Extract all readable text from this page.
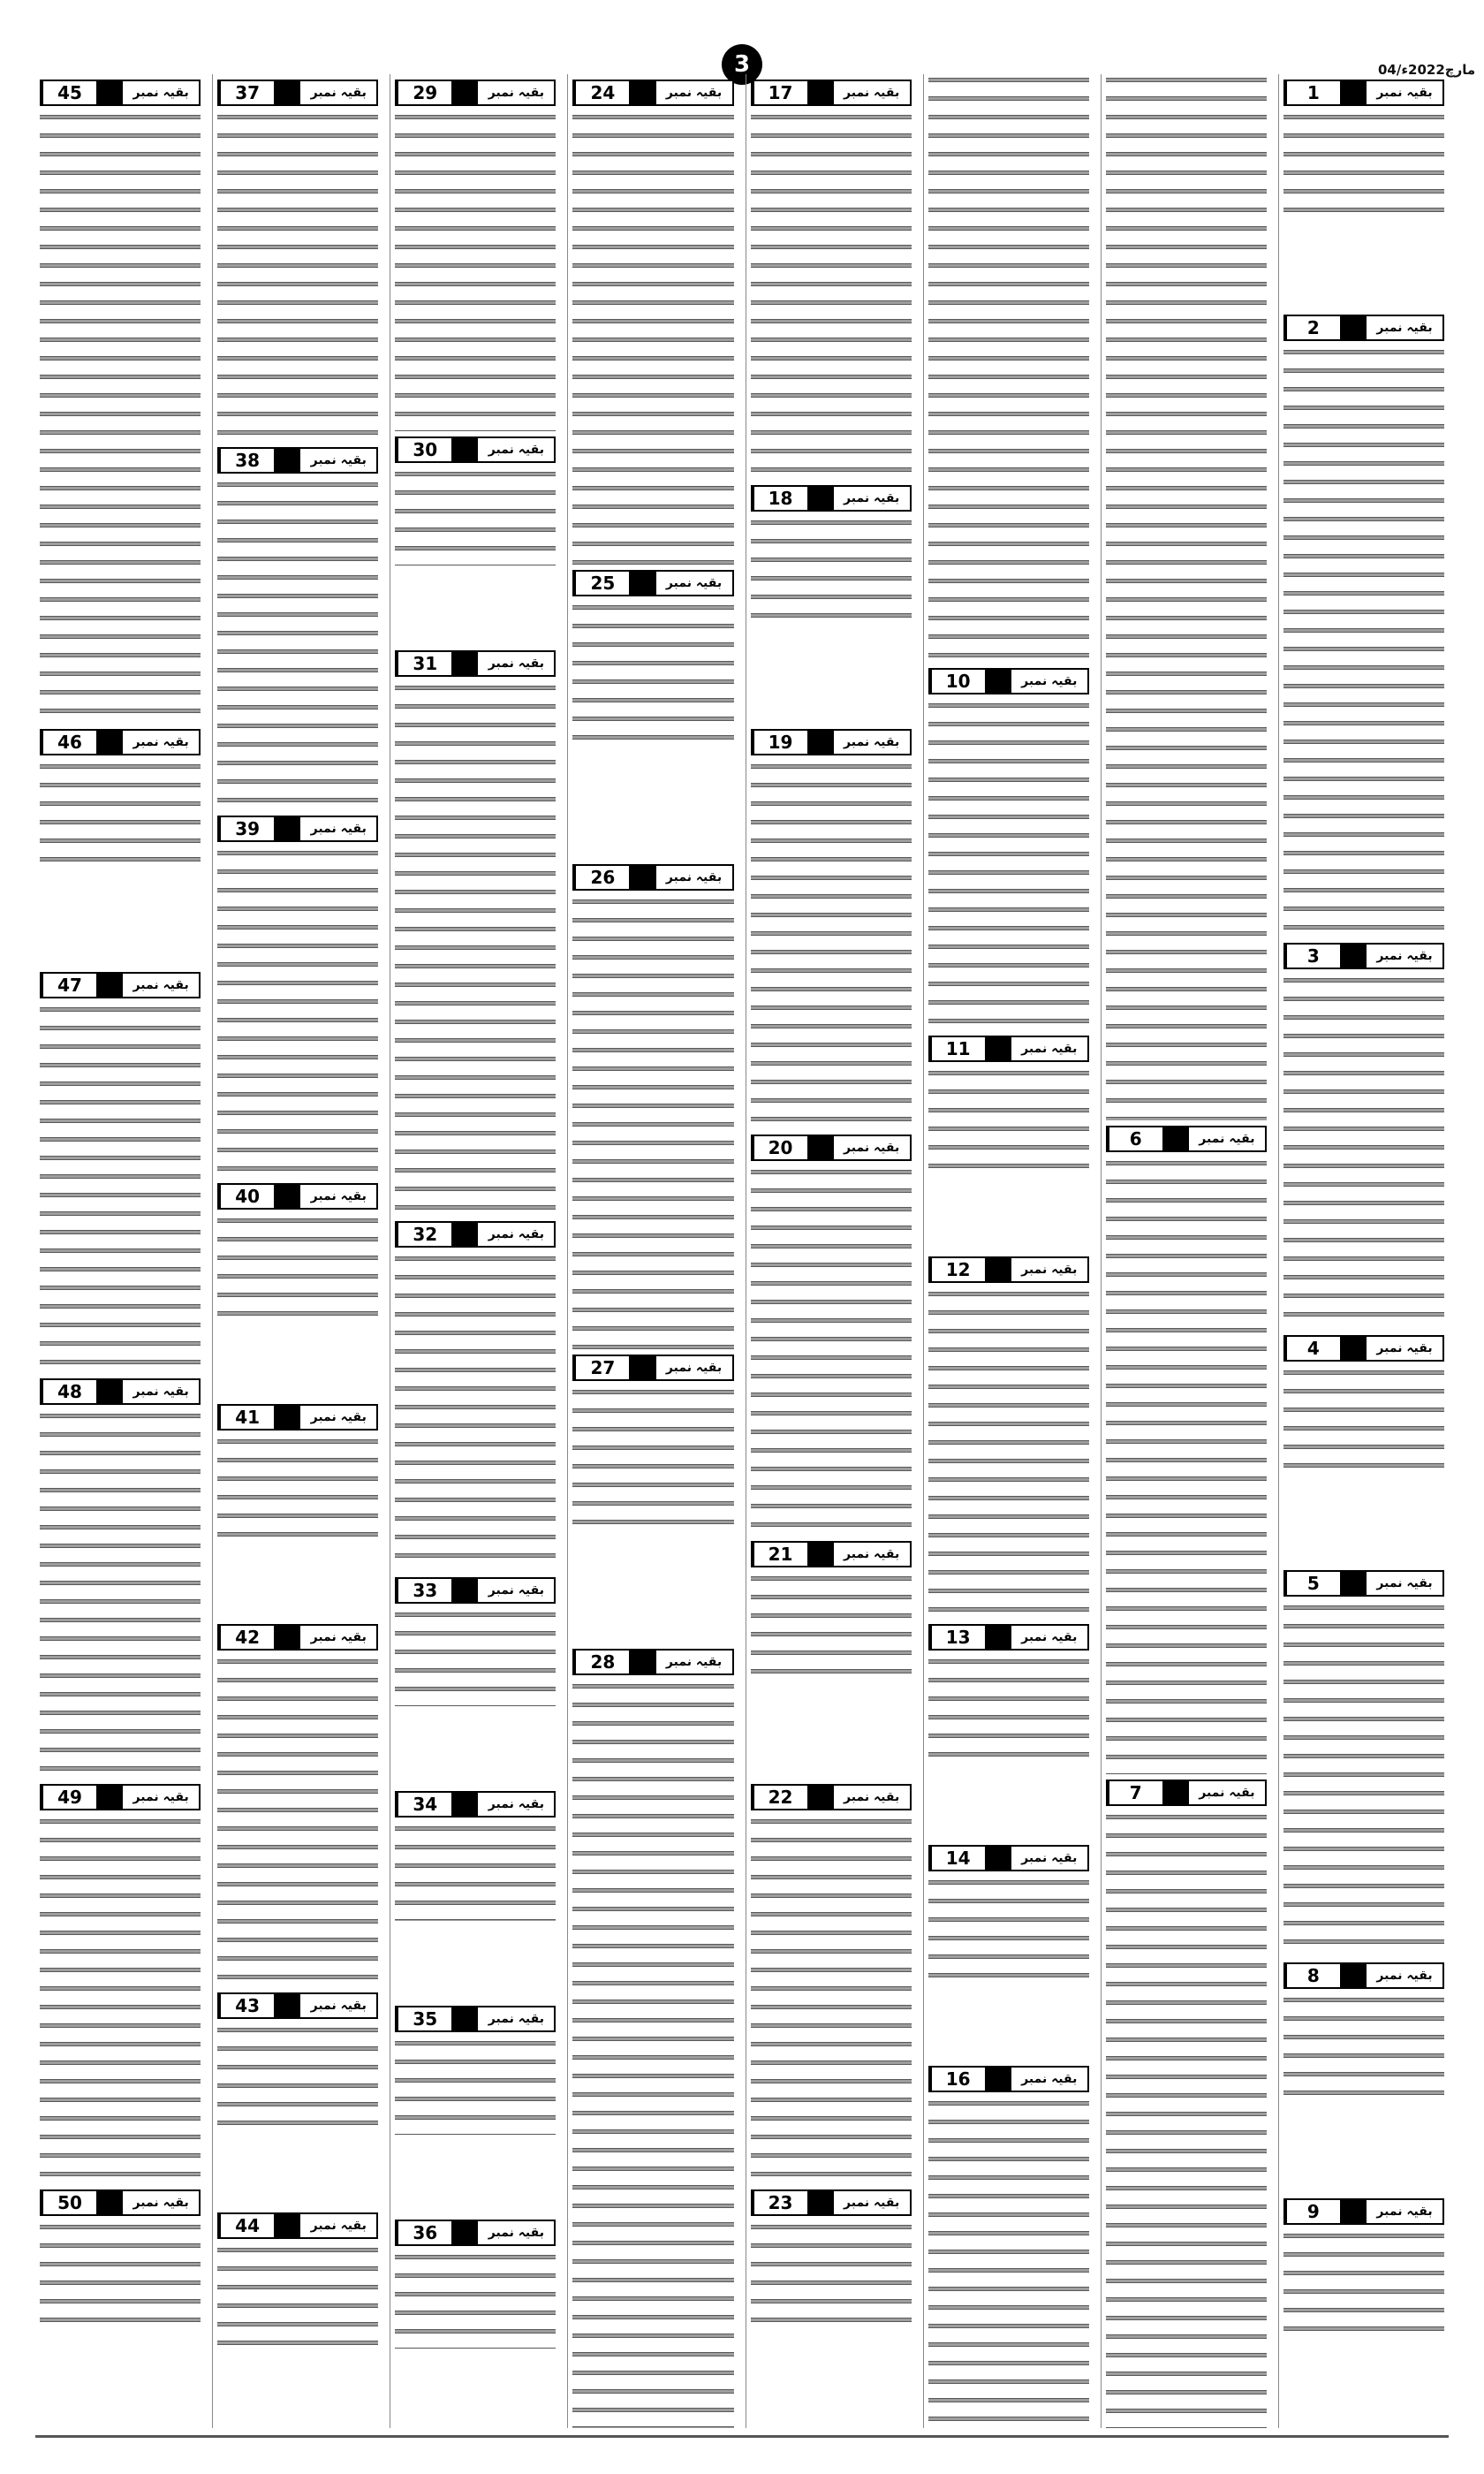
3	04/مارچ2022ء
بقیہ نمبر
1
بقیہ نمبر
2
بقیہ نمبر
3
بقیہ نمبر
4
بقیہ نمبر
5
بقیہ نمبر
8
بقیہ نمبر
9
بقیہ نمبر
6
بقیہ نمبر
7
بقیہ نمبر
10
بقیہ نمبر
11
بقیہ نمبر
12
بقیہ نمبر
13
بقیہ نمبر
14
بقیہ نمبر
16
بقیہ نمبر
17
بقیہ نمبر
18
بقیہ نمبر
19
بقیہ نمبر
20
بقیہ نمبر
21
بقیہ نمبر
22
بقیہ نمبر
23
بقیہ نمبر
24
بقیہ نمبر
25
بقیہ نمبر
26
بقیہ نمبر
27
بقیہ نمبر
28
بقیہ نمبر
29
بقیہ نمبر
30
بقیہ نمبر
31
بقیہ نمبر
32
بقیہ نمبر
33
بقیہ نمبر
34
بقیہ نمبر
35
بقیہ نمبر
36
بقیہ نمبر
37
بقیہ نمبر
38
بقیہ نمبر
39
بقیہ نمبر
40
بقیہ نمبر
41
بقیہ نمبر
42
بقیہ نمبر
43
بقیہ نمبر
44
بقیہ نمبر
45
بقیہ نمبر
46
بقیہ نمبر
47
بقیہ نمبر
48
بقیہ نمبر
49
بقیہ نمبر
50
